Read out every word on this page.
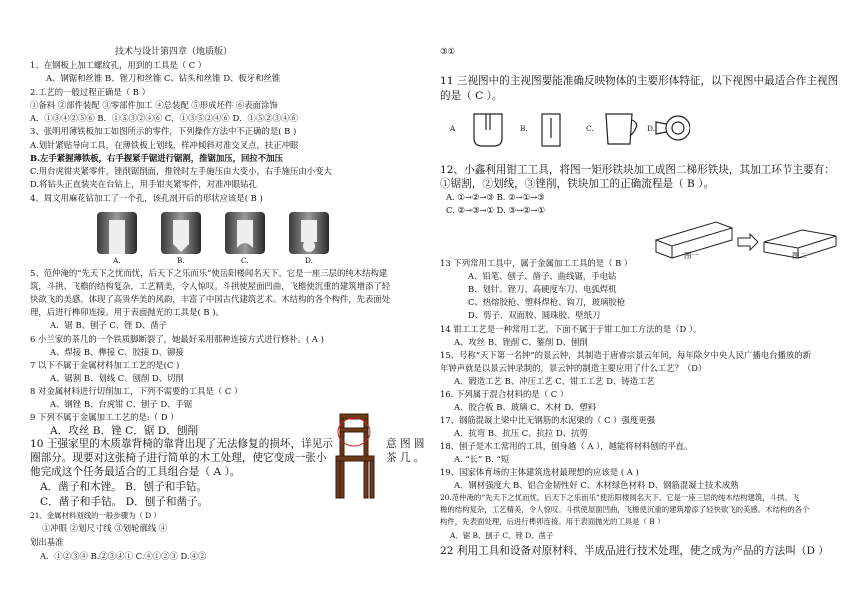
技术与设计第四章（地质版）
1、在钢板上加工螺纹孔，用到的工具是（ C ）
A、钢锯和丝锥 B、锉刀和丝锥 C、钻头和丝锥 D、板牙和丝锥
2.工艺的一般过程正确是（ B ）
①备料 ②部件装配 ③零部件加工 ④总装配 ⑤形成坯件 ⑥表面涂饰
A．①③④②⑤⑥ B．①⑤③②④⑥ C．①③⑤②④⑥ D．①⑤②③④⑥
3、张明用薄铁板加工如图所示的零件，下列操作方法中不正确的是( B )
A.划针紧贴导向工具，在薄铁板上划线，样冲倾斜对准交叉点，扶正冲眼
B.左手紧握薄铁板，右手握紧手锯进行锯割，推锯加压，回拉不加压
C.用台虎钳夹紧零件，锉削锯削面，推锉时左手施压由大变小，右手施压由小变大
D.将钻头正直装夹在台钻上，用手钳夹紧零件，对准冲眼钻孔
4、周文用麻花钻加工了一个孔，该孔剖开后的形状应该是( B )
A.	B.	C.	D.
5、范仲淹的“先天下之忧而忧，后天下之乐而乐”使岳阳楼闻名天下。它是一座三层的纯木结构建
筑，斗拱、飞檐的结构复杂，工艺精美，令人惊叹。斗拱使屋面凹曲，飞檐使沉重的建筑增添了轻
快欲飞的美感。体现了高贵华美的风韵，丰富了中国古代建筑艺术。木结构的各个构件，先表面处
理，后进行榫卯连接。用于表面抛光的工具是( B )。
A．锯 B、刨子 C、锉 D、凿子
6 小兰家的茶几的一个铁质脚断裂了，她最好采用那种连接方式进行修补。( A )
A、焊接 B、榫接 C、胶接 D、铆接
7 以下不属于金属材料加工工艺的是(C )
A、锯割 B、划线 C、刨削 D、切削
8 对金属材料进行切削加工，下列不需要的工具是（ C ）
A、钢锉 B、台虎钳 C、刨子 D、手锯
9 下列不属于金属加工工艺的是:（ D ）
A．攻丝 B．锉 C．锯 D．刨削
10 王强家里的木质靠背椅的靠背出现了无法修复的损坏，详见示
圈部分。现要对这张椅子进行简单的木工处理，使它变成一张小
他完成这个任务最适合的工具组合是（ A ）。
A．凿子和木锉。 B．刨子和手钻。
C．凿子和手钻。 D．刨子和凿子。
意 图 圆
茶 几 。
21、金属材料划线的一般步骤为（ D ）
①冲眼 ②划尺寸线 ③划轮廓线 ④
划出基准
A．①②③④ B.②③④① C.④①②③ D.④②
③①
11 三视图中的主视图要能准确反映物体的主要形体特征，以下视图中最适合作主视图
的是（ C ）。
A	B.	C.	D.
12、小鑫利用钳工工具，将图一矩形铁块加工成图二梯形铁块，其加工环节主要有：
①锯割，②划线，③锉削，铁块加工的正确流程是（ B ）。
A. ①→②→③ B. ②→①→③
C. ②→③→① D. ③→②→①
图一	图二
13 下列常用工具中，属于金属加工工具的是（ B ）
A、铅笔、刨子、凿子、曲线锯，手电钻
B、划针、锉刀、高硬度车刀、电弧焊机
C、热熔胶枪、塑料焊枪、钩刀，玻璃胶枪
D、剪子、双面胶、圆珠胶、壁纸刀
14 钳工工艺是一种常用工艺，下面不属于于钳工加工方法的是（D ）。
A、攻丝 B、锉削 C、錾削 D、刨削
15、号称“天下第一名钟”的景云钟，其制造于唐睿宗景云年间，每年除夕中央人民广播电台播放的新
年钟声就是以景云钟录制的，景云钟的制造主要应用了什么工艺？（D）
A、锻造工艺 B、冲压工艺 C、钳工工艺 D、铸造工艺
16. 下列属于混合材料的是（ C ）
A、胶合板 B、玻璃 C、木材 D、塑料
17、钢筋混凝土梁中比无钢筋的水泥梁的（ C ）强度更强
A、抗弯 B、抗压 C、抗拉 D、抗剪
18、刨子是木工常用的工具，刨身越（ A ），越能将材料刨的平直。
A. “长” B. “短
19、国家体育场的主体建筑选材最理想的应该是 ( A )
A、钢材强度大 B、铝合金韧性好 C、木材绿色材料 D、钢筋混凝土技术成熟
20.范仲淹的“先天下之忧而忧，后天下之乐而乐”使岳阳楼闻名天下。它是一座三层的纯木结构建筑，斗拱、飞
檐的结构复杂，工艺精美，令人惊叹。斗拱使屋面凹曲，飞檐使沉重的建筑增添了轻快欲飞的美感。木结构的各个
构件，先表面处理，后进行榫卯连接。用于表面抛光的工具是（ B ）
A．锯 B、刨子 C、锉 D、凿子
22 利用工具和设备对原材料、半成品进行技术处理，使之成为产品的方法叫（D ）
